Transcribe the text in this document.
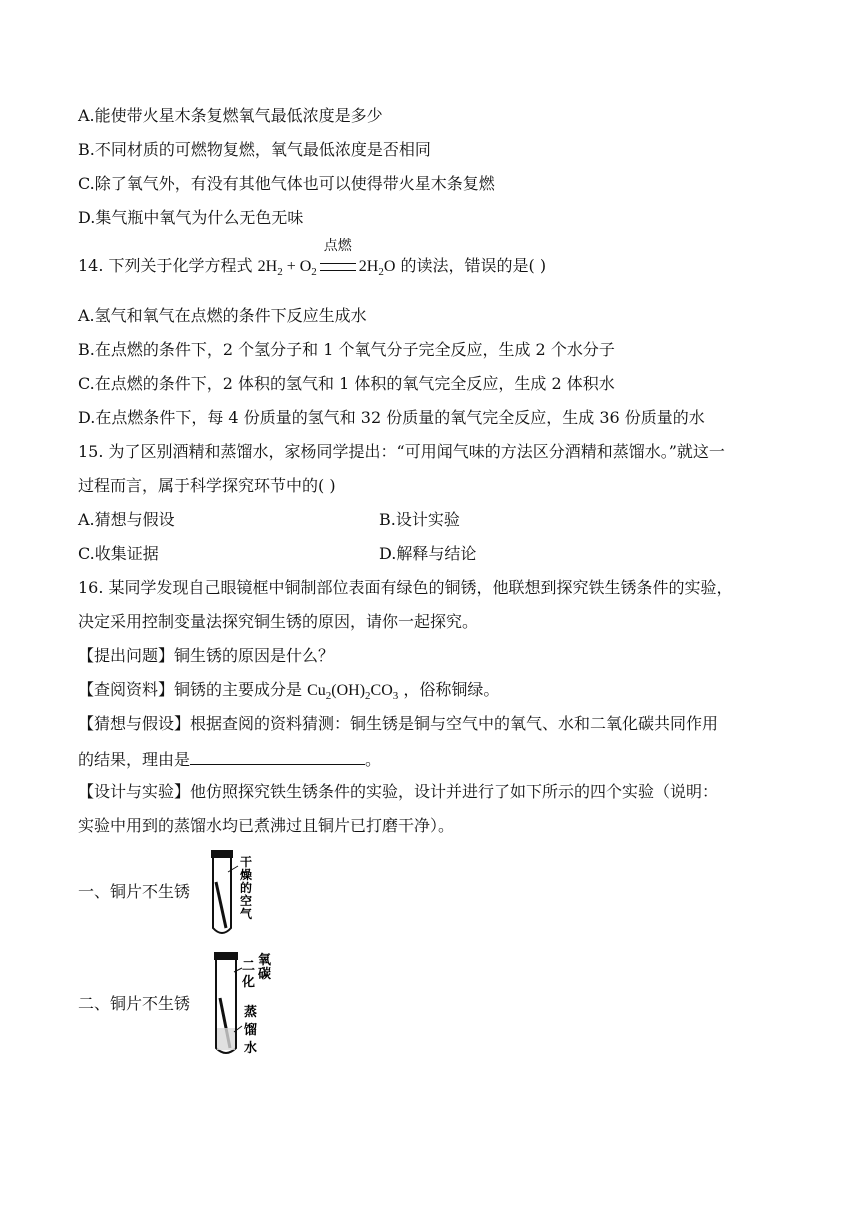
A.能使带火星木条复燃氧气最低浓度是多少
B.不同材质的可燃物复燃，氧气最低浓度是否相同
C.除了氧气外，有没有其他气体也可以使得带火星木条复燃
D.集气瓶中氧气为什么无色无味
14. 下列关于化学方程式 $2H_2 + O_2$
点燃
$2H_2O$ 的读法，错误的是( )
A.氢气和氧气在点燃的条件下反应生成水
B.在点燃的条件下，2 个氢分子和 1 个氧气分子完全反应，生成 2 个水分子
C.在点燃的条件下，2 体积的氢气和 1 体积的氧气完全反应，生成 2 体积水
D.在点燃条件下，每 4 份质量的氢气和 32 份质量的氧气完全反应，生成 36 份质量的水
15. 为了区别酒精和蒸馏水，家杨同学提出：“可用闻气味的方法区分酒精和蒸馏水。”就这一
过程而言，属于科学探究环节中的( )
A.猜想与假设	B.设计实验
C.收集证据	D.解释与结论
16. 某同学发现自己眼镜框中铜制部位表面有绿色的铜锈，他联想到探究铁生锈条件的实验，
决定采用控制变量法探究铜生锈的原因，请你一起探究。
【提出问题】铜生锈的原因是什么？
【查阅资料】铜锈的主要成分是 $Cu_2(OH)_2CO_3$ ，俗称铜绿。
【猜想与假设】根据查阅的资料猜测：铜生锈是铜与空气中的氧气、水和二氧化碳共同作用
的结果，理由是	。
【设计与实验】他仿照探究铁生锈条件的实验，设计并进行了如下所示的四个实验（说明：
实验中用到的蒸馏水均已煮沸过且铜片已打磨干净）。
一、铜片不生锈
干
燥
的
空
气
二、铜片不生锈
二 氧
碳
化
蒸
馏
水
